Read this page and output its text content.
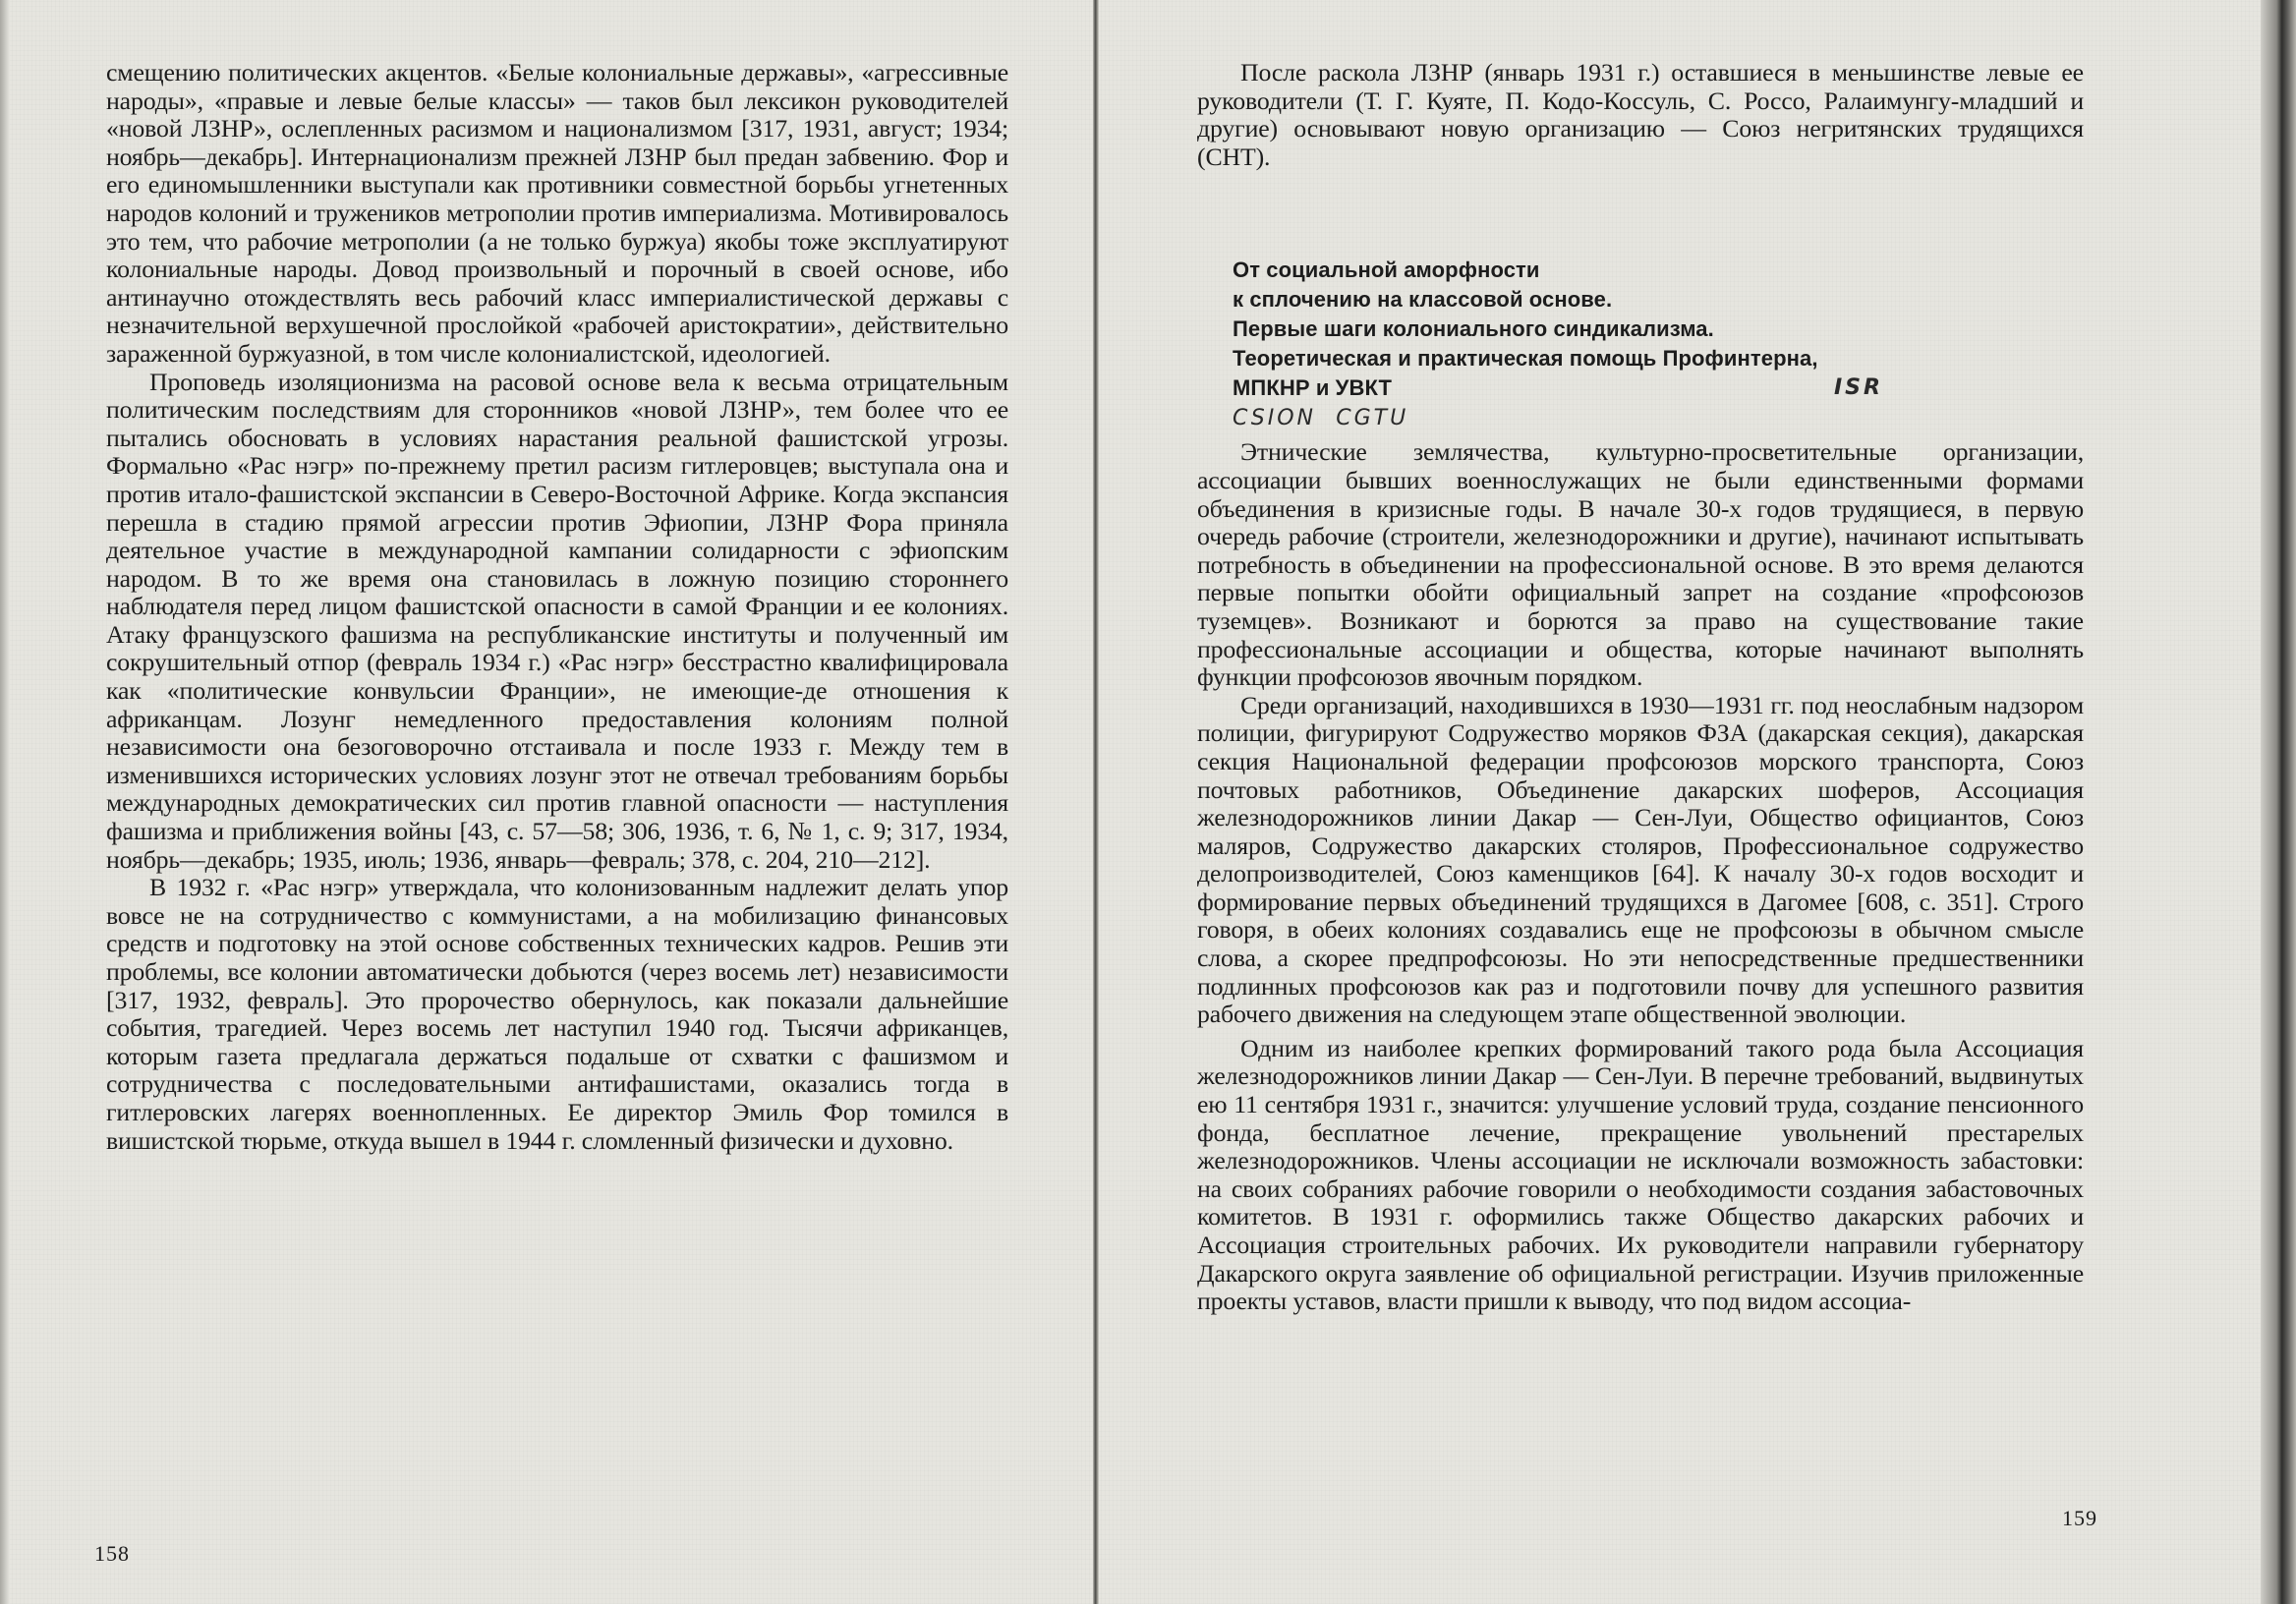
смещению политических акцентов. «Белые колониальные державы», «агрессивные народы», «правые и левые белые классы» — таков был лексикон руководителей «новой ЛЗНР», ослепленных расизмом и национализмом [317, 1931, август; 1934; ноябрь—декабрь]. Интернационализм прежней ЛЗНР был предан забвению. Фор и его единомышленники выступали как противники совместной борьбы угнетенных народов колоний и тружеников метрополии против империализма. Мотивировалось это тем, что рабочие метрополии (а не только буржуа) якобы тоже эксплуатируют колониальные народы. Довод произвольный и порочный в своей основе, ибо антинаучно отождествлять весь рабочий класс империалистической державы с незначительной верхушечной прослойкой «рабочей аристократии», действительно зараженной буржуазной, в том числе колониалистской, идеологией.

Проповедь изоляционизма на расовой основе вела к весьма отрицательным политическим последствиям для сторонников «новой ЛЗНР», тем более что ее пытались обосновать в условиях нарастания реальной фашистской угрозы. Формально «Рас нэгр» по-прежнему претил расизм гитлеровцев; выступала она и против итало-фашистской экспансии в Северо-Восточной Африке. Когда экспансия перешла в стадию прямой агрессии против Эфиопии, ЛЗНР Фора приняла деятельное участие в международной кампании солидарности с эфиопским народом. В то же время она становилась в ложную позицию стороннего наблюдателя перед лицом фашистской опасности в самой Франции и ее колониях. Атаку французского фашизма на республиканские институты и полученный им сокрушительный отпор (февраль 1934 г.) «Рас нэгр» бесстрастно квалифицировала как «политические конвульсии Франции», не имеющие-де отношения к африканцам. Лозунг немедленного предоставления колониям полной независимости она безоговорочно отстаивала и после 1933 г. Между тем в изменившихся исторических условиях лозунг этот не отвечал требованиям борьбы международных демократических сил против главной опасности — наступления фашизма и приближения войны [43, с. 57—58; 306, 1936, т. 6, № 1, с. 9; 317, 1934, ноябрь—декабрь; 1935, июль; 1936, январь—февраль; 378, с. 204, 210—212].

В 1932 г. «Рас нэгр» утверждала, что колонизованным надлежит делать упор вовсе не на сотрудничество с коммунистами, а на мобилизацию финансовых средств и подготовку на этой основе собственных технических кадров. Решив эти проблемы, все колонии автоматически добьются (через восемь лет) независимости [317, 1932, февраль]. Это пророчество обернулось, как показали дальнейшие события, трагедией. Через восемь лет наступил 1940 год. Тысячи африканцев, которым газета предлагала держаться подальше от схватки с фашизмом и сотрудничества с последовательными антифашистами, оказались тогда в гитлеровских лагерях военнопленных. Ее директор Эмиль Фор томился в вишистской тюрьме, откуда вышел в 1944 г. сломленный физически и духовно.

158

После раскола ЛЗНР (январь 1931 г.) оставшиеся в меньшинстве левые ее руководители (Т. Г. Куяте, П. Кодо-Коссуль, С. Россо, Ралаимунгу-младший и другие) основывают новую организацию — Союз негритянских трудящихся (СНТ).

От социальной аморфности
к сплочению на классовой основе.
Первые шаги колониального синдикализма.
Теоретическая и практическая помощь Профинтерна,
МПКНР и УВКТ	ISR
CSION CGTU

Этнические землячества, культурно-просветительные организации, ассоциации бывших военнослужащих не были единственными формами объединения в кризисные годы. В начале 30-х годов трудящиеся, в первую очередь рабочие (строители, железнодорожники и другие), начинают испытывать потребность в объединении на профессиональной основе. В это время делаются первые попытки обойти официальный запрет на создание «профсоюзов туземцев». Возникают и борются за право на существование такие профессиональные ассоциации и общества, которые начинают выполнять функции профсоюзов явочным порядком.

Среди организаций, находившихся в 1930—1931 гг. под неослабным надзором полиции, фигурируют Содружество моряков ФЗА (дакарская секция), дакарская секция Национальной федерации профсоюзов морского транспорта, Союз почтовых работников, Объединение дакарских шоферов, Ассоциация железнодорожников линии Дакар — Сен-Луи, Общество официантов, Союз маляров, Содружество дакарских столяров, Профессиональное содружество делопроизводителей, Союз каменщиков [64]. К началу 30-х годов восходит и формирование первых объединений трудящихся в Дагомее [608, с. 351]. Строго говоря, в обеих колониях создавались еще не профсоюзы в обычном смысле слова, а скорее предпрофсоюзы. Но эти непосредственные предшественники подлинных профсоюзов как раз и подготовили почву для успешного развития рабочего движения на следующем этапе общественной эволюции.

Одним из наиболее крепких формирований такого рода была Ассоциация железнодорожников линии Дакар — Сен-Луи. В перечне требований, выдвинутых ею 11 сентября 1931 г., значится: улучшение условий труда, создание пенсионного фонда, бесплатное лечение, прекращение увольнений престарелых железнодорожников. Члены ассоциации не исключали возможность забастовки: на своих собраниях рабочие говорили о необходимости создания забастовочных комитетов. В 1931 г. оформились также Общество дакарских рабочих и Ассоциация строительных рабочих. Их руководители направили губернатору Дакарского округа заявление об официальной регистрации. Изучив приложенные проекты уставов, власти пришли к выводу, что под видом ассоциа-

159
